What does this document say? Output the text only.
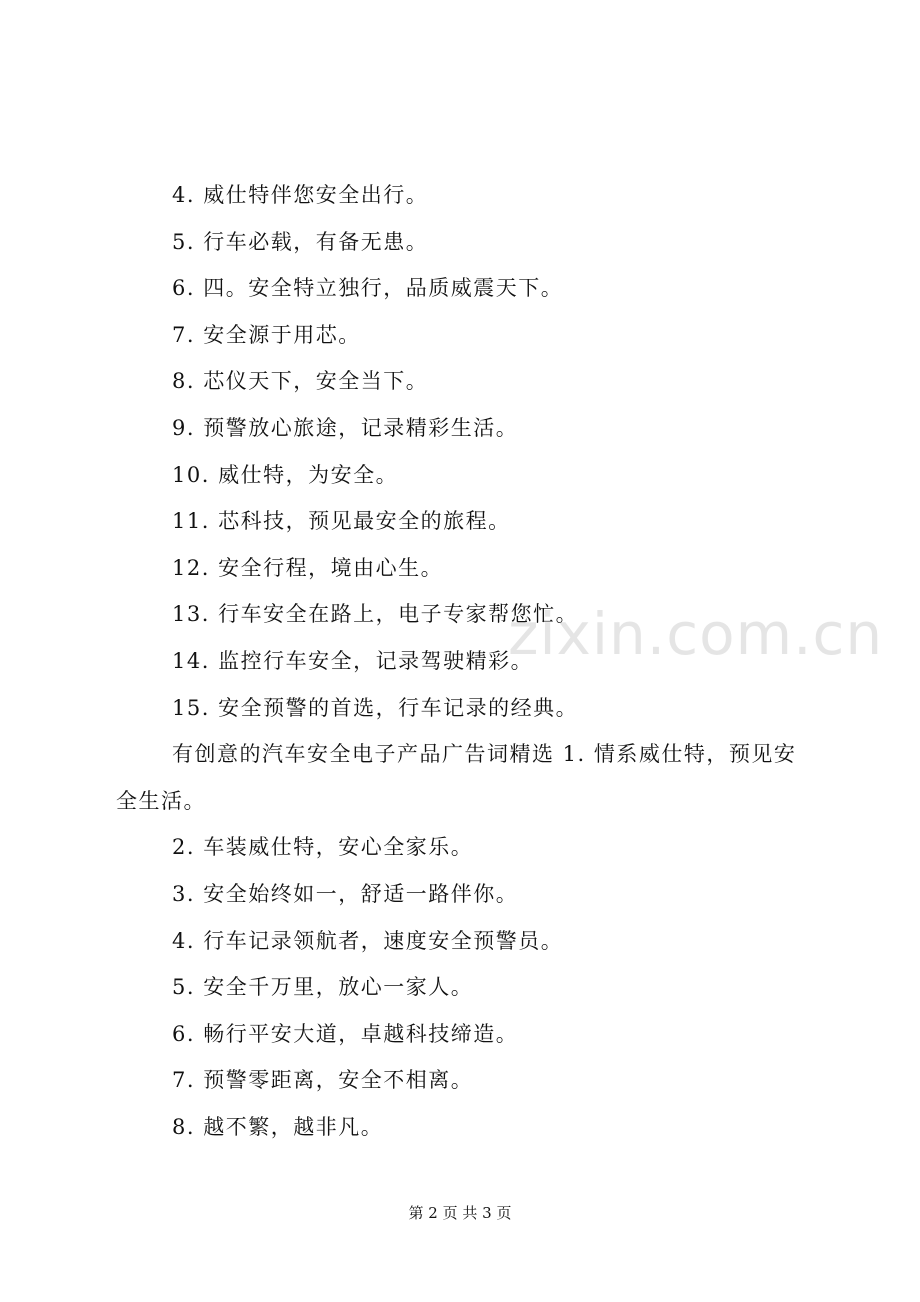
4. 威仕特伴您安全出行。
5. 行车必载，有备无患。
6. 四。安全特立独行，品质威震天下。
7. 安全源于用芯。
8. 芯仪天下，安全当下。
9. 预警放心旅途，记录精彩生活。
10. 威仕特，为安全。
11. 芯科技，预见最安全的旅程。
12. 安全行程，境由心生。
13. 行车安全在路上，电子专家帮您忙。
14. 监控行车安全，记录驾驶精彩。
15. 安全预警的首选，行车记录的经典。
有创意的汽车安全电子产品广告词精选 1. 情系威仕特，预见安全生活。
2. 车装威仕特，安心全家乐。
3. 安全始终如一，舒适一路伴你。
4. 行车记录领航者，速度安全预警员。
5. 安全千万里，放心一家人。
6. 畅行平安大道，卓越科技缔造。
7. 预警零距离，安全不相离。
8. 越不繁，越非凡。
zixin.com.cn
第 2 页 共 3 页
